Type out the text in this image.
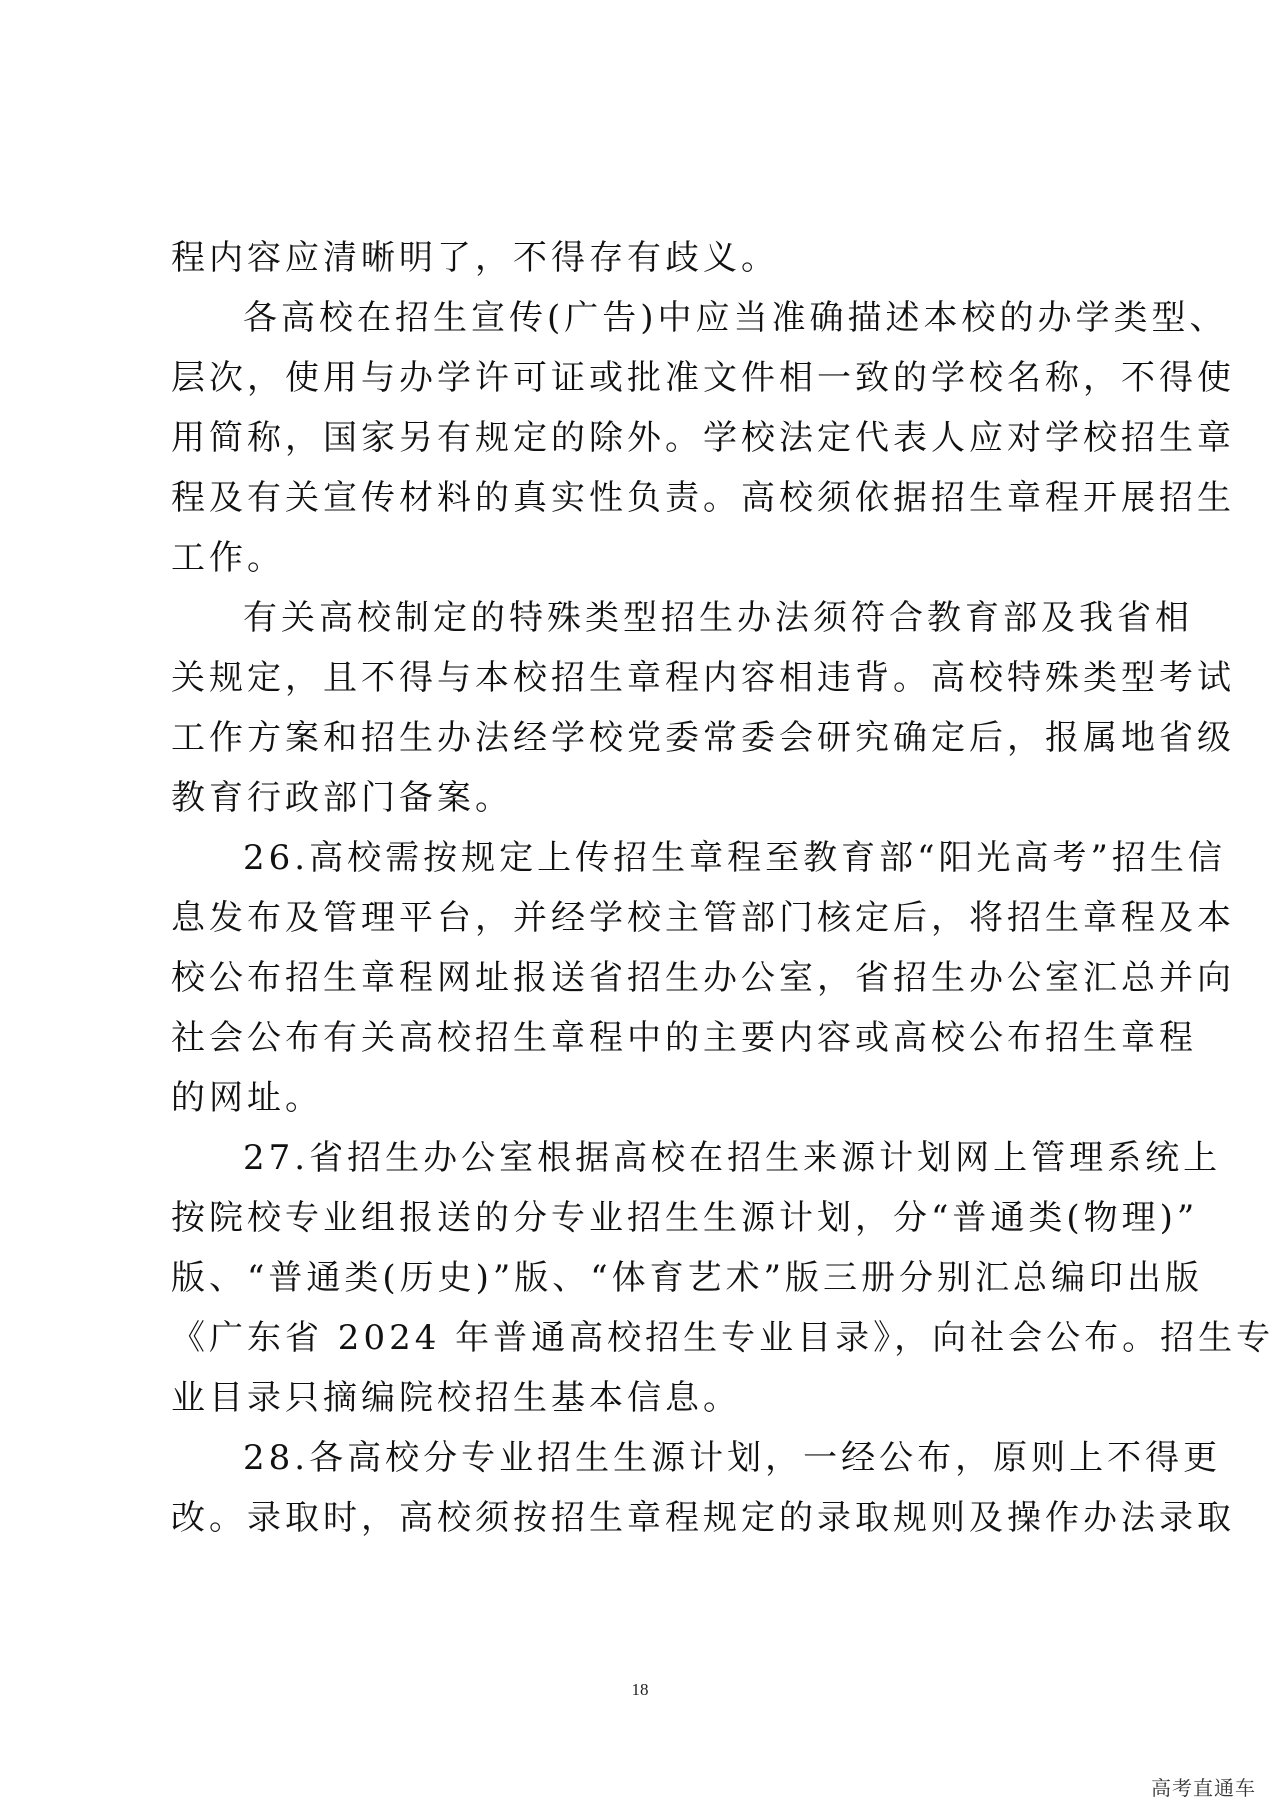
程内容应清晰明了，不得存有歧义。

各高校在招生宣传(广告)中应当准确描述本校的办学类型、
层次，使用与办学许可证或批准文件相一致的学校名称，不得使
用简称，国家另有规定的除外。学校法定代表人应对学校招生章
程及有关宣传材料的真实性负责。高校须依据招生章程开展招生
工作。

有关高校制定的特殊类型招生办法须符合教育部及我省相
关规定，且不得与本校招生章程内容相违背。高校特殊类型考试
工作方案和招生办法经学校党委常委会研究确定后，报属地省级
教育行政部门备案。

26.高校需按规定上传招生章程至教育部“阳光高考”招生信
息发布及管理平台，并经学校主管部门核定后，将招生章程及本
校公布招生章程网址报送省招生办公室，省招生办公室汇总并向
社会公布有关高校招生章程中的主要内容或高校公布招生章程
的网址。

27.省招生办公室根据高校在招生来源计划网上管理系统上
按院校专业组报送的分专业招生生源计划，分“普通类(物理)”
版、“普通类(历史)”版、“体育艺术”版三册分别汇总编印出版
《广东省 2024 年普通高校招生专业目录》，向社会公布。招生专
业目录只摘编院校招生基本信息。

28.各高校分专业招生生源计划，一经公布，原则上不得更
改。录取时，高校须按招生章程规定的录取规则及操作办法录取

18
高考直通车
